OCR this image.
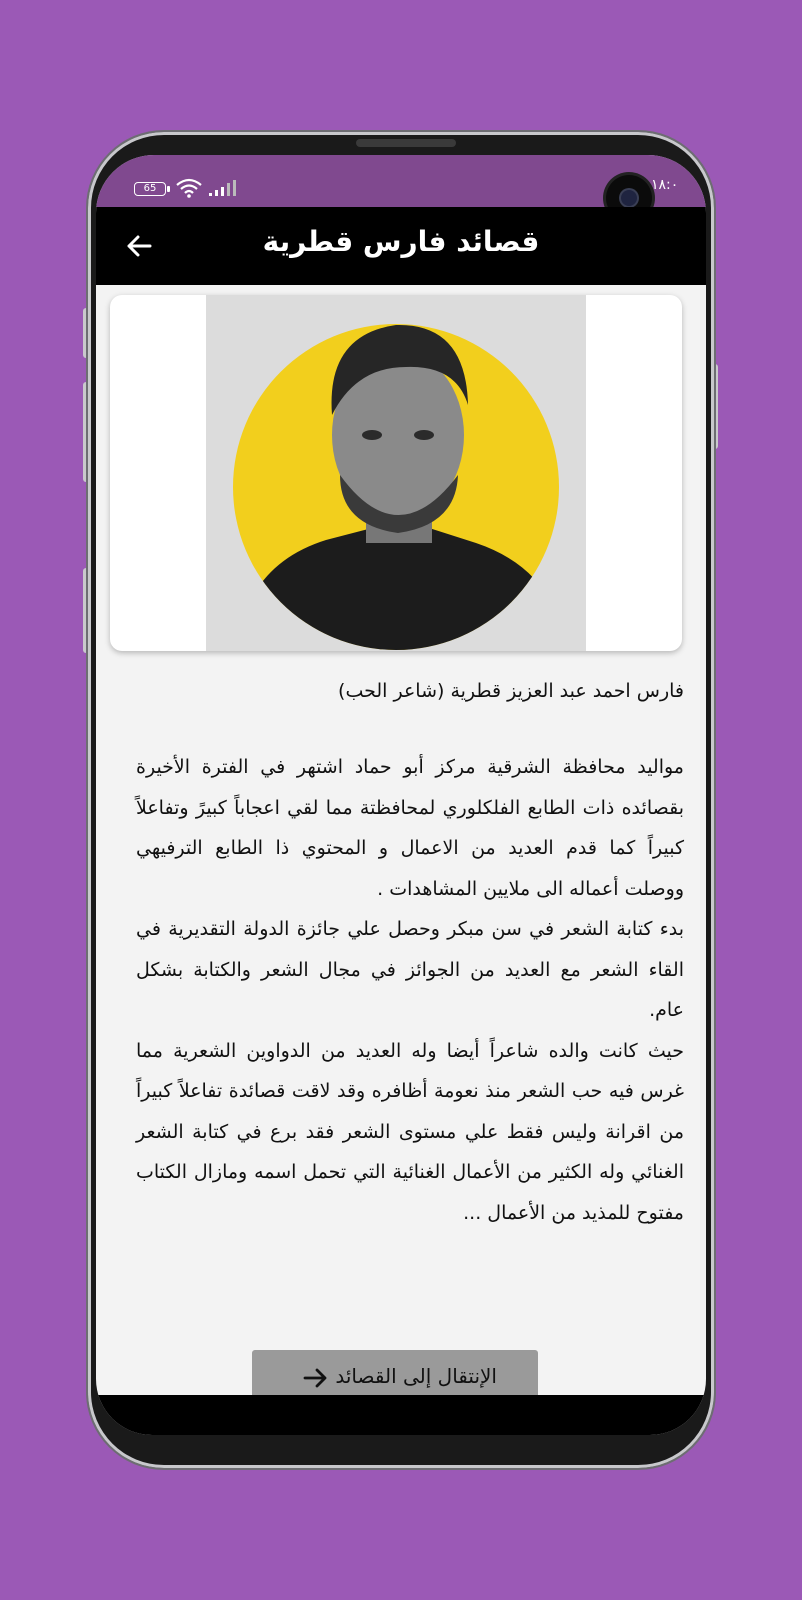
65	١٨:٠
قصائد فارس قطرية
فارس احمد عبد العزيز قطرية (شاعر الحب)

مواليد محافظة الشرقية مركز أبو حماد اشتهر في الفترة الأخيرة بقصائده ذات الطابع الفلكلوري لمحافظتة مما لقي اعجاباً كبيرً وتفاعلاً كبيراً كما قدم العديد من الاعمال و المحتوي ذا الطابع الترفيهي ووصلت أعماله الى ملايين المشاهدات .

بدء كتابة الشعر في سن مبكر وحصل علي جائزة الدولة التقديرية في القاء الشعر مع العديد من الجوائز في مجال الشعر والكتابة بشكل عام.

حيث كانت والده شاعراً أيضا وله العديد من الدواوين الشعرية مما غرس فيه حب الشعر منذ نعومة أظافره وقد لاقت قصائدة تفاعلاً كبيراً من اقرانة وليس فقط علي مستوى الشعر فقد برع في كتابة الشعر الغنائي وله الكثير من الأعمال الغنائية التي تحمل اسمه ومازال الكتاب مفتوح للمذيد من الأعمال ...

الإنتقال إلى القصائد
